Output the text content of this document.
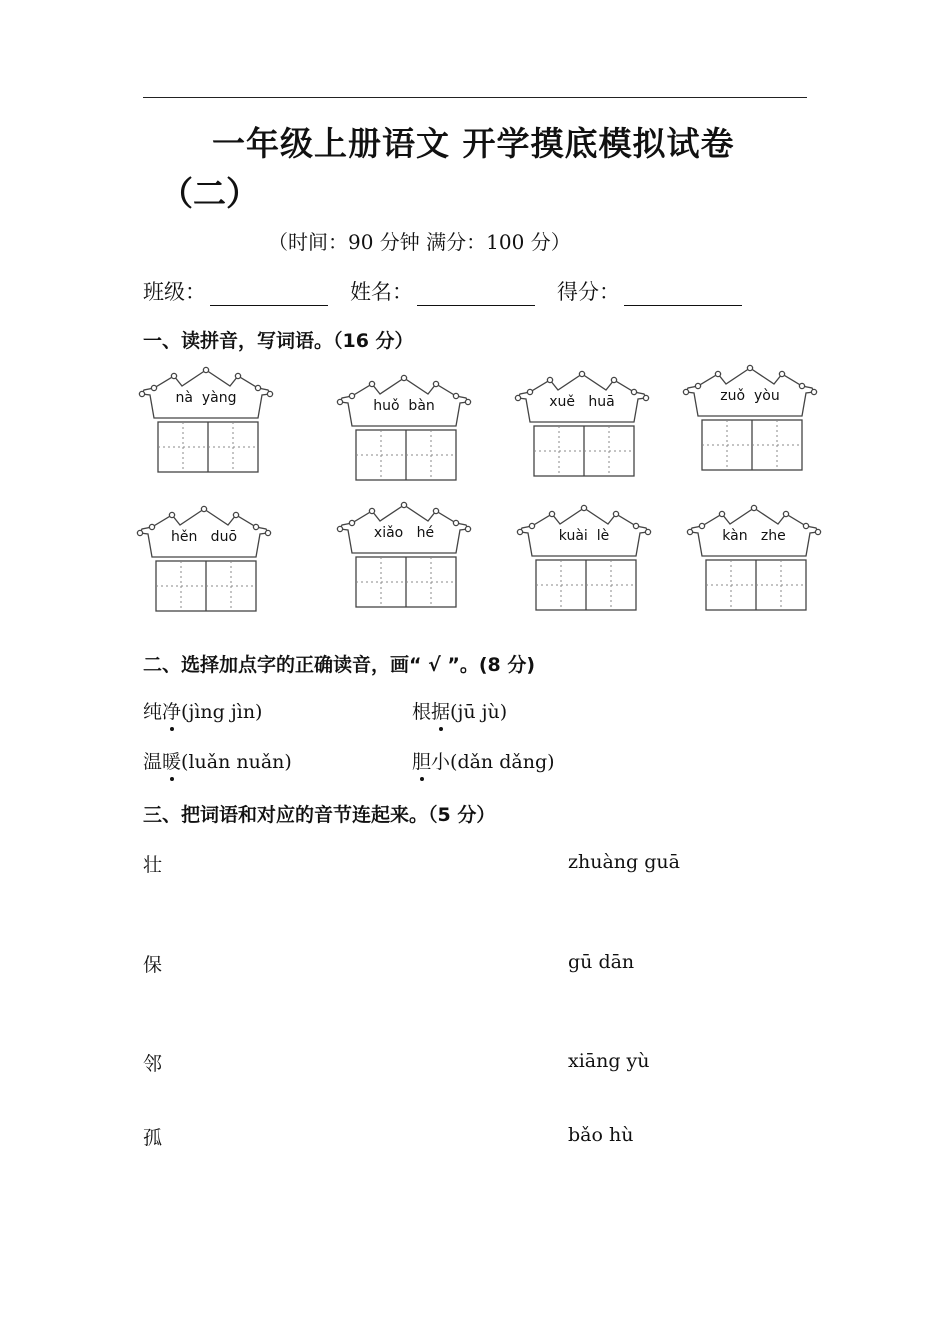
一年级上册语文 开学摸底模拟试卷
（二）
（时间：90 分钟 满分：100 分）
班级：	姓名：	得分：
一、读拼音，写词语。（16 分）
nà  yàng	huǒ  bàn	xuě   huā	zuǒ  yòu
hěn   duō	xiǎo   hé	kuài  lè	kàn   zhe
二、选择加点字的正确读音，画“ √ ”。(8 分)
纯净(jìng jìn)	根据(jū jù)
温暖(luǎn nuǎn)	胆小(dǎn dǎng)
三、把词语和对应的音节连起来。（5 分）
壮
保
邻
孤
zhuàng guā
gū dān
xiāng yù
bǎo hù
